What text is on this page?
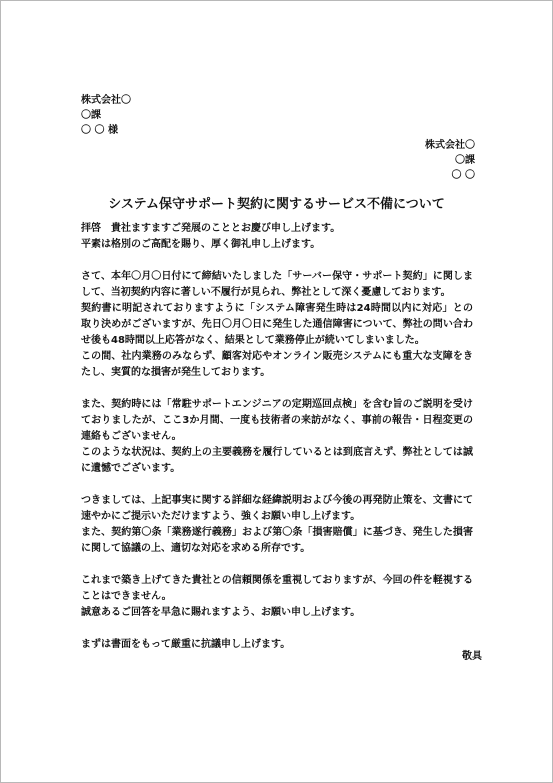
株式会社〇
〇課
〇 〇 様
株式会社〇
〇課
〇 〇
システム保守サポート契約に関するサービス不備について

拝啓　貴社ますますご発展のこととお慶び申し上げます。

平素は格別のご高配を賜り、厚く御礼申し上げます。

さて、本年〇月〇日付にて締結いたしました「サーバー保守・サポート契約」に関しまして、当初契約内容に著しい不履行が見られ、弊社として深く憂慮しております。

契約書に明記されておりますように「システム障害発生時は24時間以内に対応」との取り決めがございますが、先日〇月〇日に発生した通信障害について、弊社の問い合わせ後も48時間以上応答がなく、結果として業務停止が続いてしまいました。

この間、社内業務のみならず、顧客対応やオンライン販売システムにも重大な支障をきたし、実質的な損害が発生しております。

また、契約時には「常駐サポートエンジニアの定期巡回点検」を含む旨のご説明を受けておりましたが、ここ3か月間、一度も技術者の来訪がなく、事前の報告・日程変更の連絡もございません。

このような状況は、契約上の主要義務を履行しているとは到底言えず、弊社としては誠に遺憾でございます。

つきましては、上記事実に関する詳細な経緯説明および今後の再発防止策を、文書にて速やかにご提示いただけますよう、強くお願い申し上げます。

また、契約第〇条「業務遂行義務」および第〇条「損害賠償」に基づき、発生した損害に関して協議の上、適切な対応を求める所存です。

これまで築き上げてきた貴社との信頼関係を重視しておりますが、今回の件を軽視することはできません。

誠意あるご回答を早急に賜れますよう、お願い申し上げます。

まずは書面をもって厳重に抗議申し上げます。

敬具
